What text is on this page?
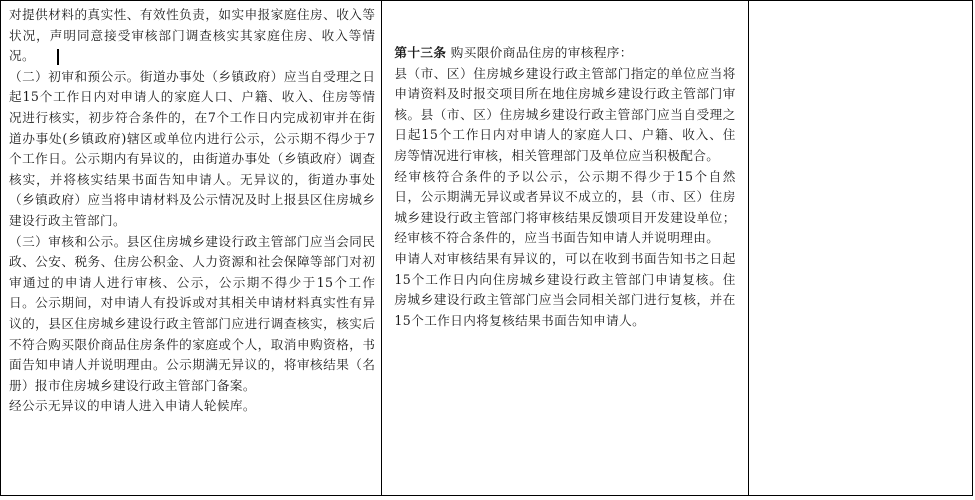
对提供材料的真实性、有效性负责，如实申报家庭住房、收入等状况，声明同意接受审核部门调查核实其家庭住房、收入等情况。

（二）初审和预公示。街道办事处（乡镇政府）应当自受理之日起15个工作日内对申请人的家庭人口、户籍、收入、住房等情况进行核实，初步符合条件的，在7个工作日内完成初审并在街道办事处(乡镇政府)辖区或单位内进行公示，公示期不得少于7个工作日。公示期内有异议的，由街道办事处（乡镇政府）调查核实，并将核实结果书面告知申请人。无异议的，街道办事处（乡镇政府）应当将申请材料及公示情况及时上报县区住房城乡建设行政主管部门。

（三）审核和公示。县区住房城乡建设行政主管部门应当会同民政、公安、税务、住房公积金、人力资源和社会保障等部门对初审通过的申请人进行审核、公示，公示期不得少于15个工作日。公示期间，对申请人有投诉或对其相关申请材料真实性有异议的，县区住房城乡建设行政主管部门应进行调查核实，核实后不符合购买限价商品住房条件的家庭或个人，取消申购资格，书面告知申请人并说明理由。公示期满无异议的，将审核结果（名册）报市住房城乡建设行政主管部门备案。

经公示无异议的申请人进入申请人轮候库。

第十三条 购买限价商品住房的审核程序：

县（市、区）住房城乡建设行政主管部门指定的单位应当将申请资料及时报交项目所在地住房城乡建设行政主管部门审核。县（市、区）住房城乡建设行政主管部门应当自受理之日起15个工作日内对申请人的家庭人口、户籍、收入、住房等情况进行审核，相关管理部门及单位应当积极配合。

经审核符合条件的予以公示，公示期不得少于15个自然日，公示期满无异议或者异议不成立的，县（市、区）住房城乡建设行政主管部门将审核结果反馈项目开发建设单位；经审核不符合条件的，应当书面告知申请人并说明理由。

申请人对审核结果有异议的，可以在收到书面告知书之日起15个工作日内向住房城乡建设行政主管部门申请复核。住房城乡建设行政主管部门应当会同相关部门进行复核，并在15个工作日内将复核结果书面告知申请人。
